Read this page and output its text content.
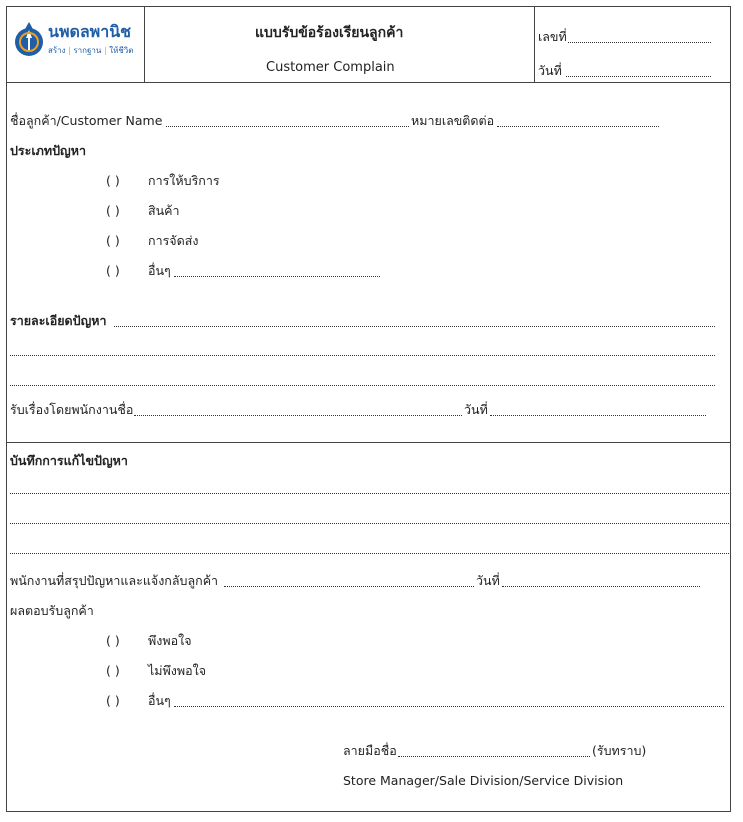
นพดลพานิช
สร้าง | รากฐาน | ให้ชีวิต
แบบรับข้อร้องเรียนลูกค้า
Customer Complain
เลขที่
วันที่
ชื่อลูกค้า/Customer Name	หมายเลขติดต่อ
ประเภทปัญหา
( ) การให้บริการ
( ) สินค้า
( ) การจัดส่ง
( ) อื่นๆ
รายละเอียดปัญหา
รับเรื่องโดยพนักงานชื่อ	วันที่
บันทึกการแก้ไขปัญหา
พนักงานที่สรุปปัญหาและแจ้งกลับลูกค้า	วันที่
ผลตอบรับลูกค้า
( ) พึงพอใจ
( ) ไม่พึงพอใจ
( ) อื่นๆ
ลายมือชื่อ	(รับทราบ)
Store Manager/Sale Division/Service Division
